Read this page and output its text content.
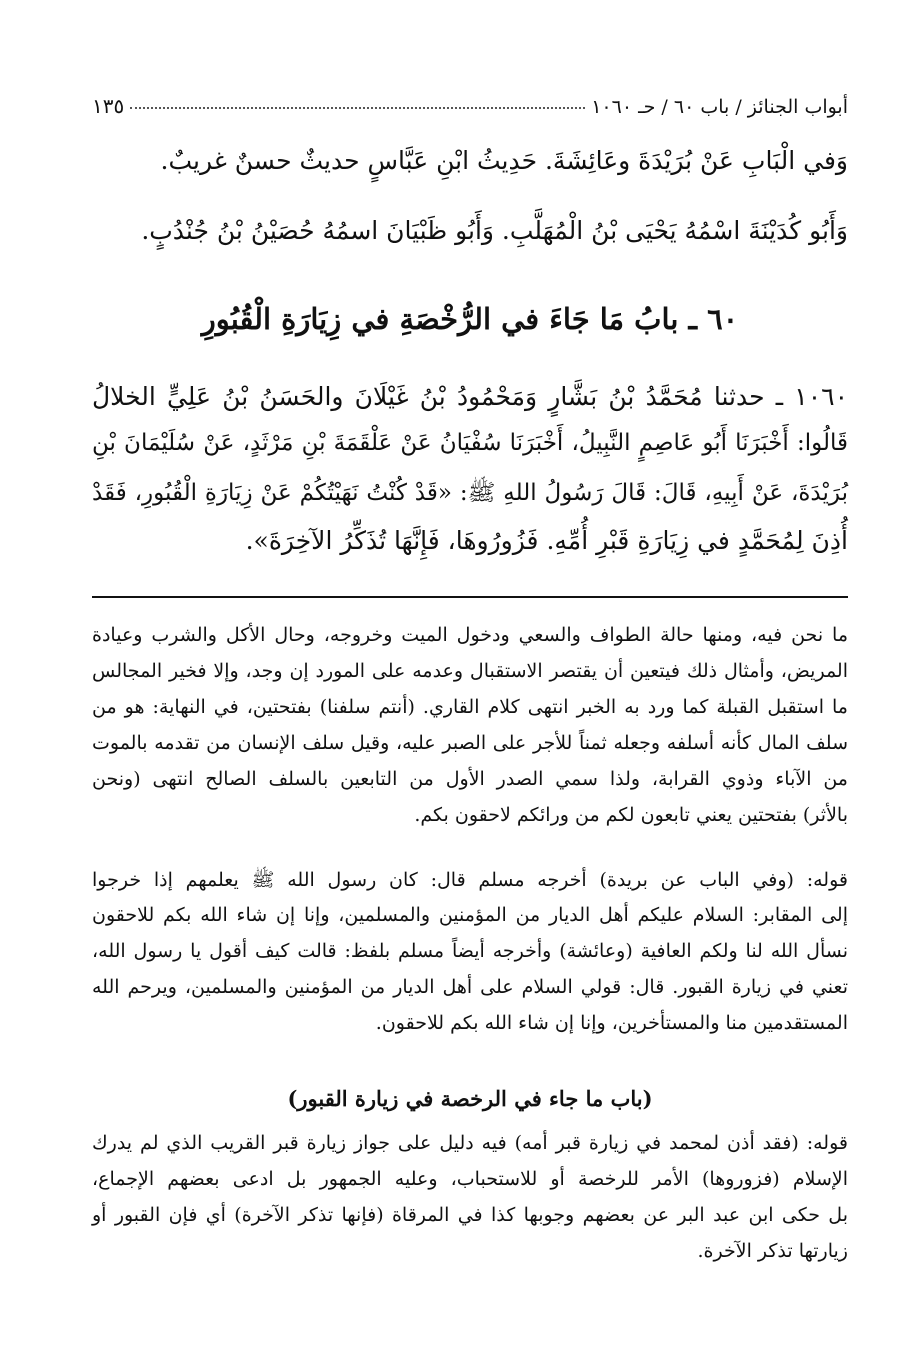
أبواب الجنائز / باب ٦٠ / حـ ١٠٦٠
١٣٥
وَفي الْبَابِ عَنْ بُرَيْدَةَ وعَائِشَةَ. حَدِيثُ ابْنِ عَبَّاسٍ حديثٌ حسنٌ غريبٌ.
وَأَبُو كُدَيْنَةَ اسْمُهُ يَحْيَى بْنُ الْمُهَلَّبِ. وَأَبُو ظَبْيَانَ اسمُهُ حُصَيْنُ بْنُ جُنْدُبٍ.
٦٠ ـ بابُ مَا جَاءَ في الرُّخْصَةِ في زِيَارَةِ الْقُبُورِ
١٠٦٠ ـ حدثنا مُحَمَّدُ بْنُ بَشَّارٍ وَمَحْمُودُ بْنُ غَيْلَانَ والحَسَنُ بْنُ عَلِيٍّ الخلالُ
قَالُوا: أَخْبَرَنَا أَبُو عَاصِمٍ النَّبِيلُ، أَخْبَرَنَا سُفْيَانُ عَنْ عَلْقَمَةَ بْنِ مَرْثَدٍ، عَنْ سُلَيْمَانَ بْنِ
بُرَيْدَةَ، عَنْ أَبِيهِ، قَالَ: قَالَ رَسُولُ اللهِ ﷺ: «قَدْ كُنْتُ نَهَيْتُكُمْ عَنْ زِيَارَةِ الْقُبُورِ، فَقَدْ
أُذِنَ لِمُحَمَّدٍ في زِيَارَةِ قَبْرِ أُمِّهِ. فَزُورُوهَا، فَإِنَّهَا تُذَكِّرُ الآخِرَةَ».
ما نحن فيه، ومنها حالة الطواف والسعي ودخول الميت وخروجه، وحال الأكل والشرب وعيادة
المريض، وأمثال ذلك فيتعين أن يقتصر الاستقبال وعدمه على المورد إن وجد، وإلا فخير المجالس
ما استقبل القبلة كما ورد به الخبر انتهى كلام القاري. (أنتم سلفنا) بفتحتين، في النهاية: هو من
سلف المال كأنه أسلفه وجعله ثمناً للأجر على الصبر عليه، وقيل سلف الإنسان من تقدمه بالموت
من الآباء وذوي القرابة، ولذا سمي الصدر الأول من التابعين بالسلف الصالح انتهى (ونحن
بالأثر) بفتحتين يعني تابعون لكم من ورائكم لاحقون بكم.
قوله: (وفي الباب عن بريدة) أخرجه مسلم قال: كان رسول الله ﷺ يعلمهم إذا خرجوا
إلى المقابر: السلام عليكم أهل الديار من المؤمنين والمسلمين، وإنا إن شاء الله بكم للاحقون
نسأل الله لنا ولكم العافية (وعائشة) وأخرجه أيضاً مسلم بلفظ: قالت كيف أقول يا رسول الله،
تعني في زيارة القبور. قال: قولي السلام على أهل الديار من المؤمنين والمسلمين، ويرحم الله
المستقدمين منا والمستأخرين، وإنا إن شاء الله بكم للاحقون.
(باب ما جاء في الرخصة في زيارة القبور)
قوله: (فقد أذن لمحمد في زيارة قبر أمه) فيه دليل على جواز زيارة قبر القريب الذي لم يدرك
الإسلام (فزوروها) الأمر للرخصة أو للاستحباب، وعليه الجمهور بل ادعى بعضهم الإجماع،
بل حكى ابن عبد البر عن بعضهم وجوبها كذا في المرقاة (فإنها تذكر الآخرة) أي فإن القبور أو
زيارتها تذكر الآخرة.
